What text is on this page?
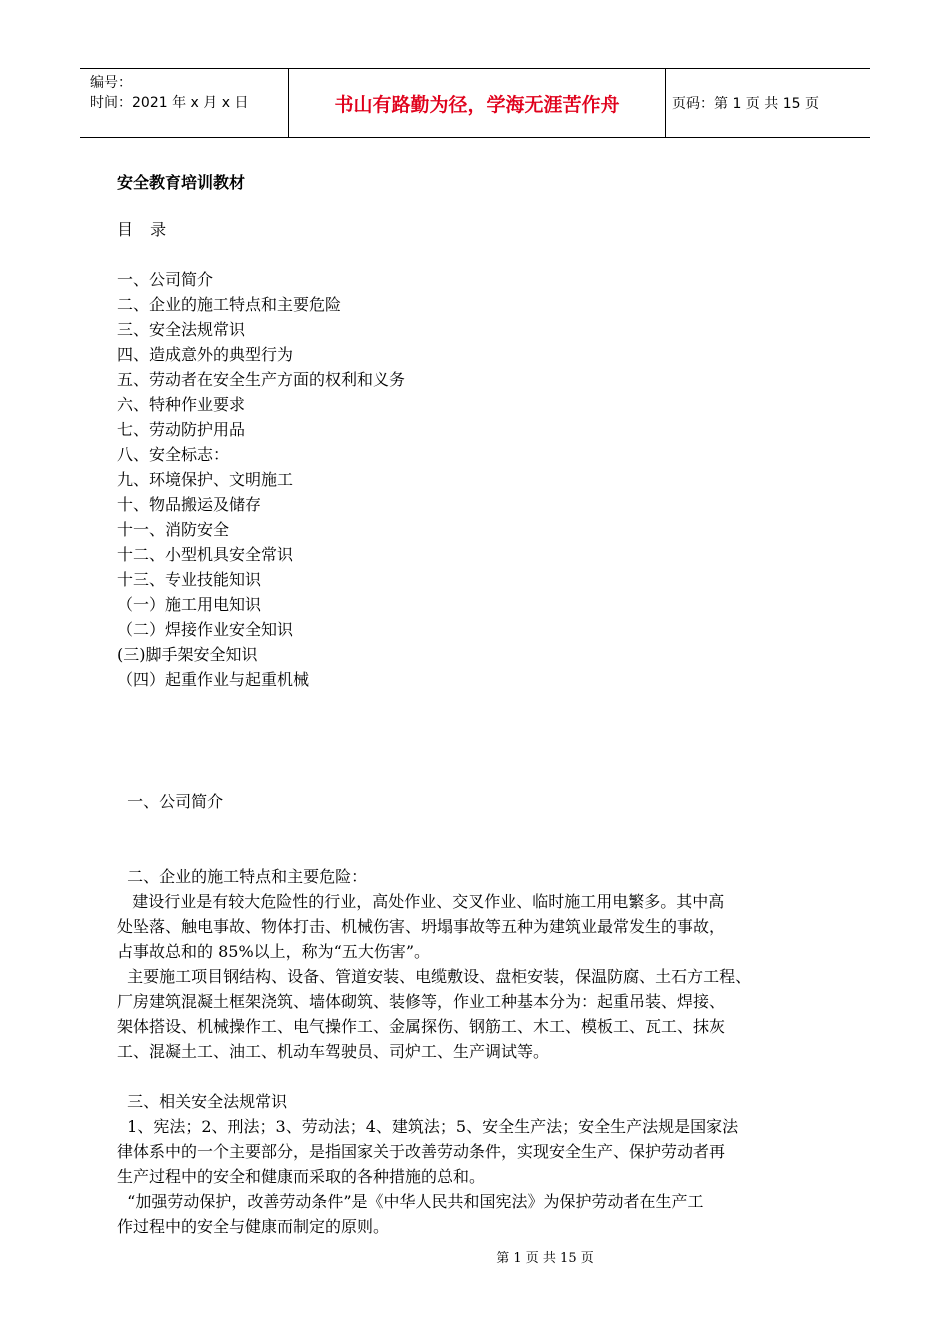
编号：
时间：2021 年 x 月 x 日	书山有路勤为径，学海无涯苦作舟	页码：第 1 页 共 15 页
安全教育培训教材
目 录
一、公司简介
二、企业的施工特点和主要危险
三、安全法规常识
四、造成意外的典型行为
五、劳动者在安全生产方面的权利和义务
六、特种作业要求
七、劳动防护用品
八、安全标志：
九、环境保护、文明施工
十、物品搬运及储存
十一、消防安全
十二、小型机具安全常识
十三、专业技能知识
（一）施工用电知识
（二）焊接作业安全知识
(三)脚手架安全知识
（四）起重作业与起重机械
一、公司简介
二、企业的施工特点和主要危险：
建设行业是有较大危险性的行业，高处作业、交叉作业、临时施工用电繁多。其中高
处坠落、触电事故、物体打击、机械伤害、坍塌事故等五种为建筑业最常发生的事故，
占事故总和的 85%以上，称为“五大伤害”。
主要施工项目钢结构、设备、管道安装、电缆敷设、盘柜安装，保温防腐、土石方工程、
厂房建筑混凝土框架浇筑、墙体砌筑、装修等，作业工种基本分为：起重吊装、焊接、
架体搭设、机械操作工、电气操作工、金属探伤、钢筋工、木工、模板工、瓦工、抹灰
工、混凝土工、油工、机动车驾驶员、司炉工、生产调试等。
三、相关安全法规常识
1、宪法；2、刑法；3、劳动法；4、建筑法；5、安全生产法；安全生产法规是国家法
律体系中的一个主要部分，是指国家关于改善劳动条件，实现安全生产、保护劳动者再
生产过程中的安全和健康而采取的各种措施的总和。
“加强劳动保护，改善劳动条件”是《中华人民共和国宪法》为保护劳动者在生产工
作过程中的安全与健康而制定的原则。
第 1 页 共 15 页
